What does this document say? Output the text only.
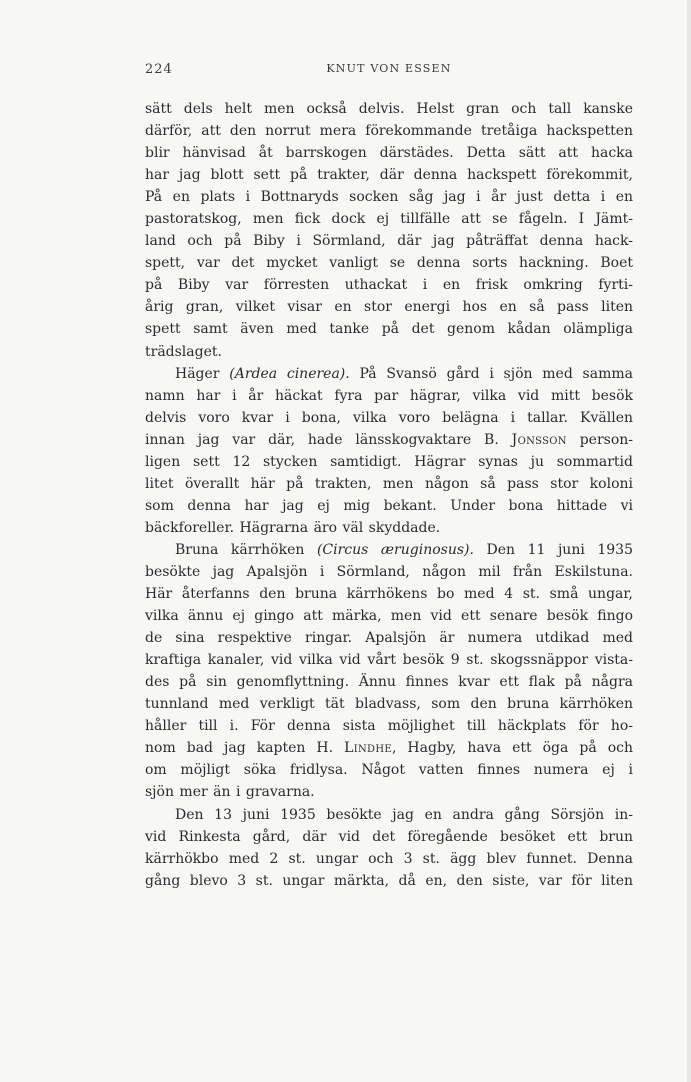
224	KNUT VON ESSEN
sätt dels helt men också delvis. Helst gran och tall kanske
därför, att den norrut mera förekommande tretåiga hackspetten
blir hänvisad åt barrskogen därstädes. Detta sätt att hacka
har jag blott sett på trakter, där denna hackspett förekommit,
På en plats i Bottnaryds socken såg jag i år just detta i en
pastoratskog, men fick dock ej tillfälle att se fågeln. I Jämt-
land och på Biby i Sörmland, där jag påträffat denna hack-
spett, var det mycket vanligt se denna sorts hackning. Boet
på Biby var förresten uthackat i en frisk omkring fyrti-
årig gran, vilket visar en stor energi hos en så pass liten
spett samt även med tanke på det genom kådan olämpliga
trädslaget.
Häger (Ardea cinerea). På Svansö gård i sjön med samma
namn har i år häckat fyra par hägrar, vilka vid mitt besök
delvis voro kvar i bona, vilka voro belägna i tallar. Kvällen
innan jag var där, hade länsskogvaktare B. Jonsson person-
ligen sett 12 stycken samtidigt. Hägrar synas ju sommartid
litet överallt här på trakten, men någon så pass stor koloni
som denna har jag ej mig bekant. Under bona hittade vi
bäckforeller. Hägrarna äro väl skyddade.
Bruna kärrhöken (Circus æruginosus). Den 11 juni 1935
besökte jag Apalsjön i Sörmland, någon mil från Eskilstuna.
Här återfanns den bruna kärrhökens bo med 4 st. små ungar,
vilka ännu ej gingo att märka, men vid ett senare besök fingo
de sina respektive ringar. Apalsjön är numera utdikad med
kraftiga kanaler, vid vilka vid vårt besök 9 st. skogssnäppor vista-
des på sin genomflyttning. Ännu finnes kvar ett flak på några
tunnland med verkligt tät bladvass, som den bruna kärrhöken
håller till i. För denna sista möjlighet till häckplats för ho-
nom bad jag kapten H. Lindhe, Hagby, hava ett öga på och
om möjligt söka fridlysa. Något vatten finnes numera ej i
sjön mer än i gravarna.
Den 13 juni 1935 besökte jag en andra gång Sörsjön in-
vid Rinkesta gård, där vid det föregående besöket ett brun
kärrhökbo med 2 st. ungar och 3 st. ägg blev funnet. Denna
gång blevo 3 st. ungar märkta, då en, den siste, var för liten
